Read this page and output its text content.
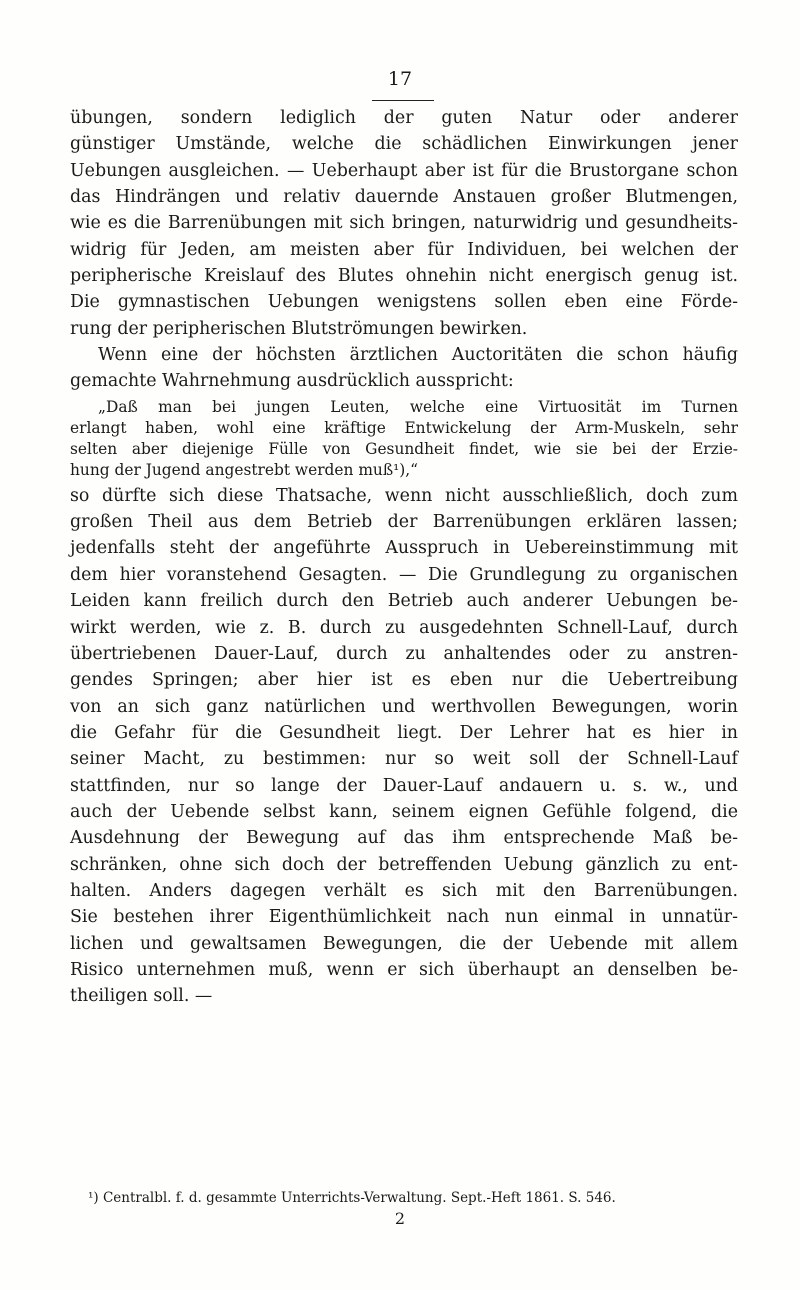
17
übungen, sondern lediglich der guten Natur oder anderer
günstiger Umstände, welche die schädlichen Einwirkungen jener
Uebungen ausgleichen. — Ueberhaupt aber ist für die Brustorgane schon
das Hindrängen und relativ dauernde Anstauen großer Blutmengen,
wie es die Barrenübungen mit sich bringen, naturwidrig und gesundheits-
widrig für Jeden, am meisten aber für Individuen, bei welchen der
peripherische Kreislauf des Blutes ohnehin nicht energisch genug ist.
Die gymnastischen Uebungen wenigstens sollen eben eine Förde-
rung der peripherischen Blutströmungen bewirken.
Wenn eine der höchsten ärztlichen Auctoritäten die schon häufig
gemachte Wahrnehmung ausdrücklich ausspricht:
„Daß man bei jungen Leuten, welche eine Virtuosität im Turnen
erlangt haben, wohl eine kräftige Entwickelung der Arm-Muskeln, sehr
selten aber diejenige Fülle von Gesundheit findet, wie sie bei der Erzie-
hung der Jugend angestrebt werden muß¹),“
so dürfte sich diese Thatsache, wenn nicht ausschließlich, doch zum
großen Theil aus dem Betrieb der Barrenübungen erklären lassen;
jedenfalls steht der angeführte Ausspruch in Uebereinstimmung mit
dem hier voranstehend Gesagten. — Die Grundlegung zu organischen
Leiden kann freilich durch den Betrieb auch anderer Uebungen be-
wirkt werden, wie z. B. durch zu ausgedehnten Schnell-Lauf, durch
übertriebenen Dauer-Lauf, durch zu anhaltendes oder zu anstren-
gendes Springen; aber hier ist es eben nur die Uebertreibung
von an sich ganz natürlichen und werthvollen Bewegungen, worin
die Gefahr für die Gesundheit liegt. Der Lehrer hat es hier in
seiner Macht, zu bestimmen: nur so weit soll der Schnell-Lauf
stattfinden, nur so lange der Dauer-Lauf andauern u. s. w., und
auch der Uebende selbst kann, seinem eignen Gefühle folgend, die
Ausdehnung der Bewegung auf das ihm entsprechende Maß be-
schränken, ohne sich doch der betreffenden Uebung gänzlich zu ent-
halten. Anders dagegen verhält es sich mit den Barrenübungen.
Sie bestehen ihrer Eigenthümlichkeit nach nun einmal in unnatür-
lichen und gewaltsamen Bewegungen, die der Uebende mit allem
Risico unternehmen muß, wenn er sich überhaupt an denselben be-
theiligen soll. —
¹) Centralbl. f. d. gesammte Unterrichts-Verwaltung. Sept.-Heft 1861. S. 546.
2
